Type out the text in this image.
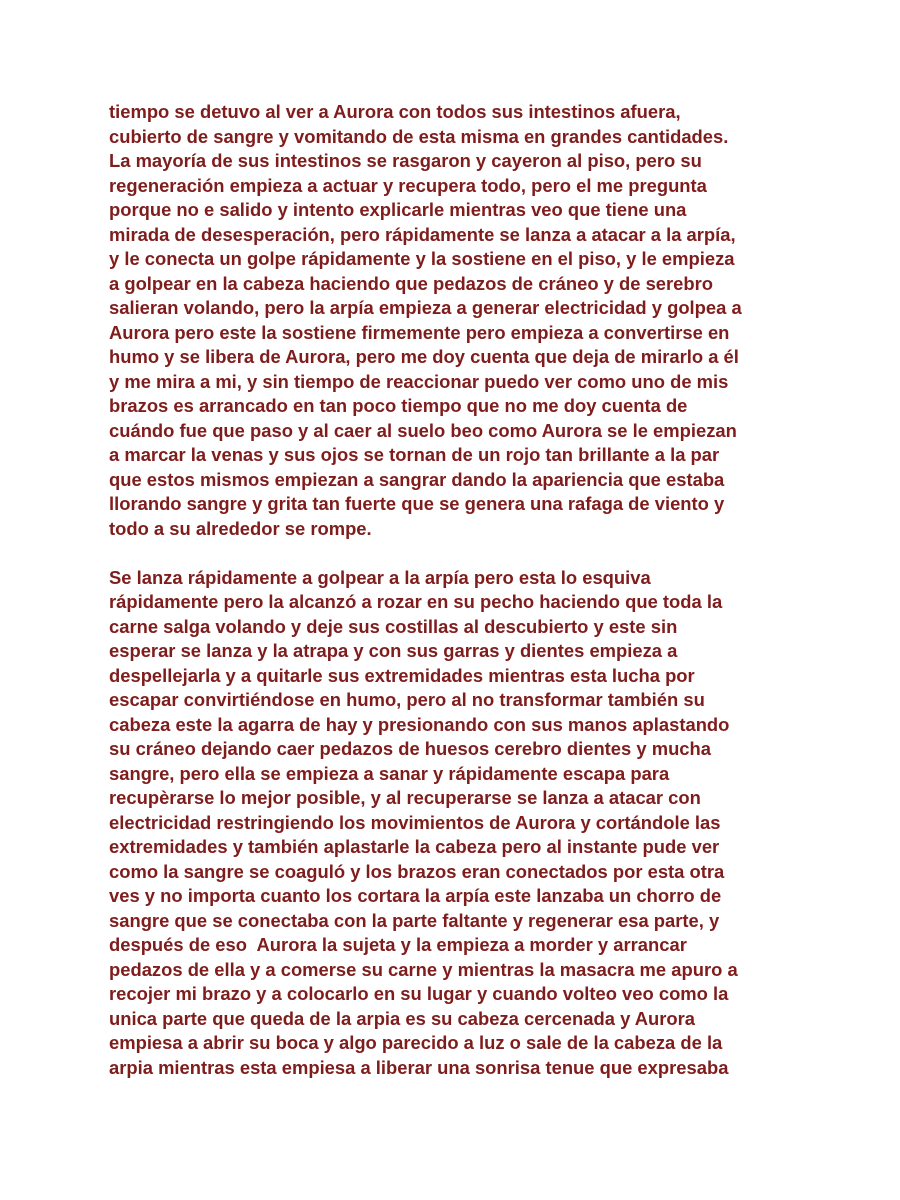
tiempo se detuvo al ver a Aurora con todos sus intestinos afuera,
cubierto de sangre y vomitando de esta misma en grandes cantidades.
La mayoría de sus intestinos se rasgaron y cayeron al piso, pero su
regeneración empieza a actuar y recupera todo, pero el me pregunta
porque no e salido y intento explicarle mientras veo que tiene una
mirada de desesperación, pero rápidamente se lanza a atacar a la arpía,
y le conecta un golpe rápidamente y la sostiene en el piso, y le empieza
a golpear en la cabeza haciendo que pedazos de cráneo y de serebro
salieran volando, pero la arpía empieza a generar electricidad y golpea a
Aurora pero este la sostiene firmemente pero empieza a convertirse en
humo y se libera de Aurora, pero me doy cuenta que deja de mirarlo a él
y me mira a mi, y sin tiempo de reaccionar puedo ver como uno de mis
brazos es arrancado en tan poco tiempo que no me doy cuenta de
cuándo fue que paso y al caer al suelo beo como Aurora se le empiezan
a marcar la venas y sus ojos se tornan de un rojo tan brillante a la par
que estos mismos empiezan a sangrar dando la apariencia que estaba
llorando sangre y grita tan fuerte que se genera una rafaga de viento y
todo a su alrededor se rompe.
Se lanza rápidamente a golpear a la arpía pero esta lo esquiva
rápidamente pero la alcanzó a rozar en su pecho haciendo que toda la
carne salga volando y deje sus costillas al descubierto y este sin
esperar se lanza y la atrapa y con sus garras y dientes empieza a
despellejarla y a quitarle sus extremidades mientras esta lucha por
escapar convirtiéndose en humo, pero al no transformar también su
cabeza este la agarra de hay y presionando con sus manos aplastando
su cráneo dejando caer pedazos de huesos cerebro dientes y mucha
sangre, pero ella se empieza a sanar y rápidamente escapa para
recupèrarse lo mejor posible, y al recuperarse se lanza a atacar con
electricidad restringiendo los movimientos de Aurora y cortándole las
extremidades y también aplastarle la cabeza pero al instante pude ver
como la sangre se coaguló y los brazos eran conectados por esta otra
ves y no importa cuanto los cortara la arpía este lanzaba un chorro de
sangre que se conectaba con la parte faltante y regenerar esa parte, y
después de eso  Aurora la sujeta y la empieza a morder y arrancar
pedazos de ella y a comerse su carne y mientras la masacra me apuro a
recojer mi brazo y a colocarlo en su lugar y cuando volteo veo como la
unica parte que queda de la arpia es su cabeza cercenada y Aurora
empiesa a abrir su boca y algo parecido a luz o sale de la cabeza de la
arpia mientras esta empiesa a liberar una sonrisa tenue que expresaba
